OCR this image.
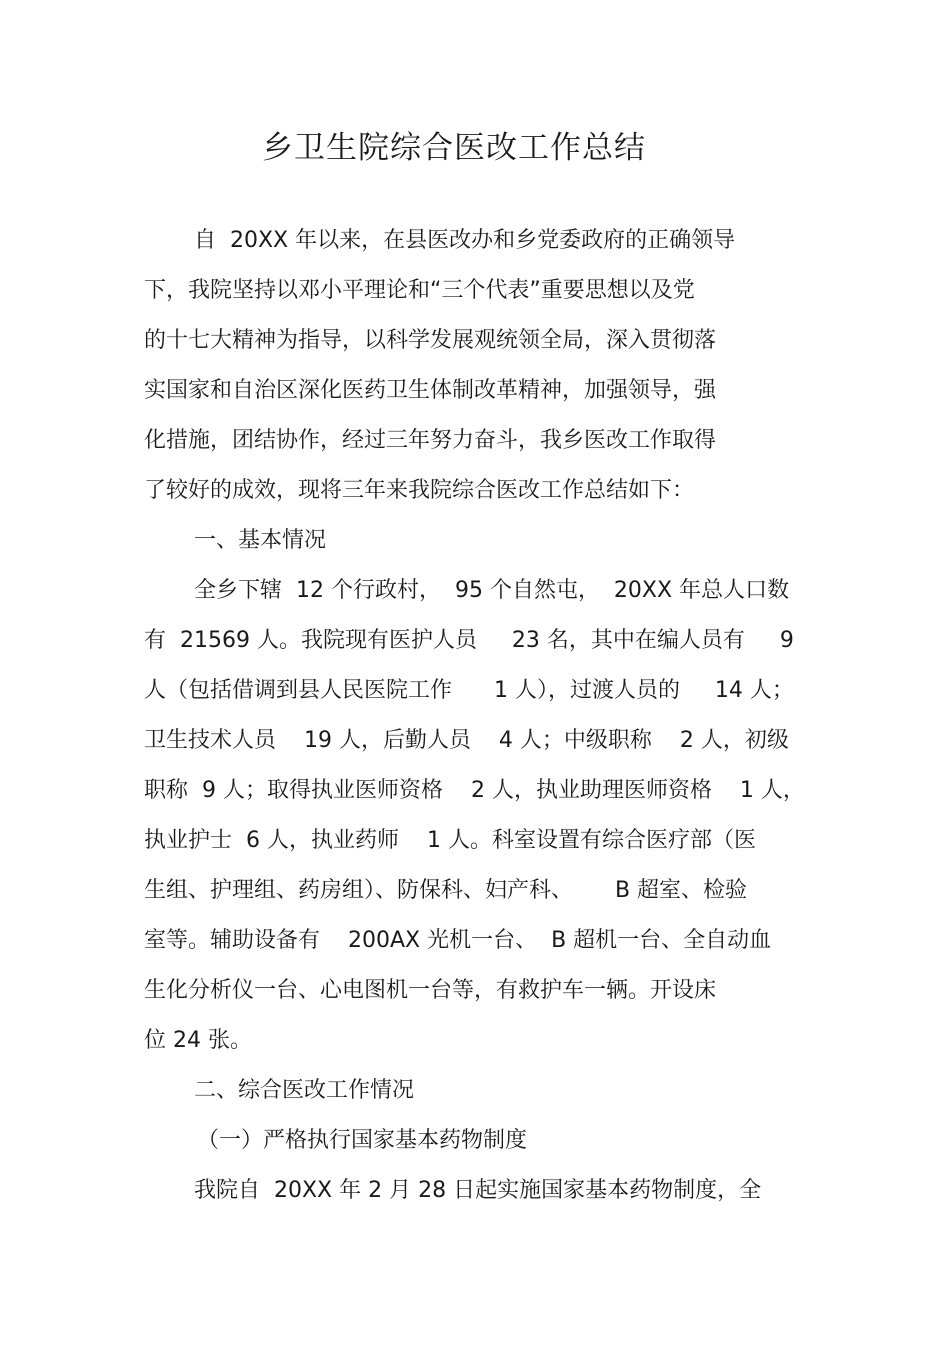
乡卫生院综合医改工作总结
自  20XX 年以来，在县医改办和乡党委政府的正确领导
下，我院坚持以邓小平理论和“三个代表”重要思想以及党
的十七大精神为指导，以科学发展观统领全局，深入贯彻落
实国家和自治区深化医药卫生体制改革精神，加强领导，强
化措施，团结协作，经过三年努力奋斗，我乡医改工作取得
了较好的成效，现将三年来我院综合医改工作总结如下：
一、基本情况
全乡下辖  12 个行政村，  95 个自然屯，  20XX 年总人口数
有  21569 人。我院现有医护人员     23 名，其中在编人员有     9
人（包括借调到县人民医院工作      1 人），过渡人员的     14 人；
卫生技术人员    19 人，后勤人员    4 人；中级职称    2 人，初级
职称  9 人；取得执业医师资格    2 人，执业助理医师资格    1 人，
执业护士  6 人，执业药师    1 人。科室设置有综合医疗部（医
生组、护理组、药房组）、防保科、妇产科、      B 超室、检验
室等。辅助设备有    200AX 光机一台、  B 超机一台、全自动血
生化分析仪一台、心电图机一台等，有救护车一辆。开设床
位 24 张。
二、综合医改工作情况
（一）严格执行国家基本药物制度
我院自  20XX 年 2 月 28 日起实施国家基本药物制度，全
